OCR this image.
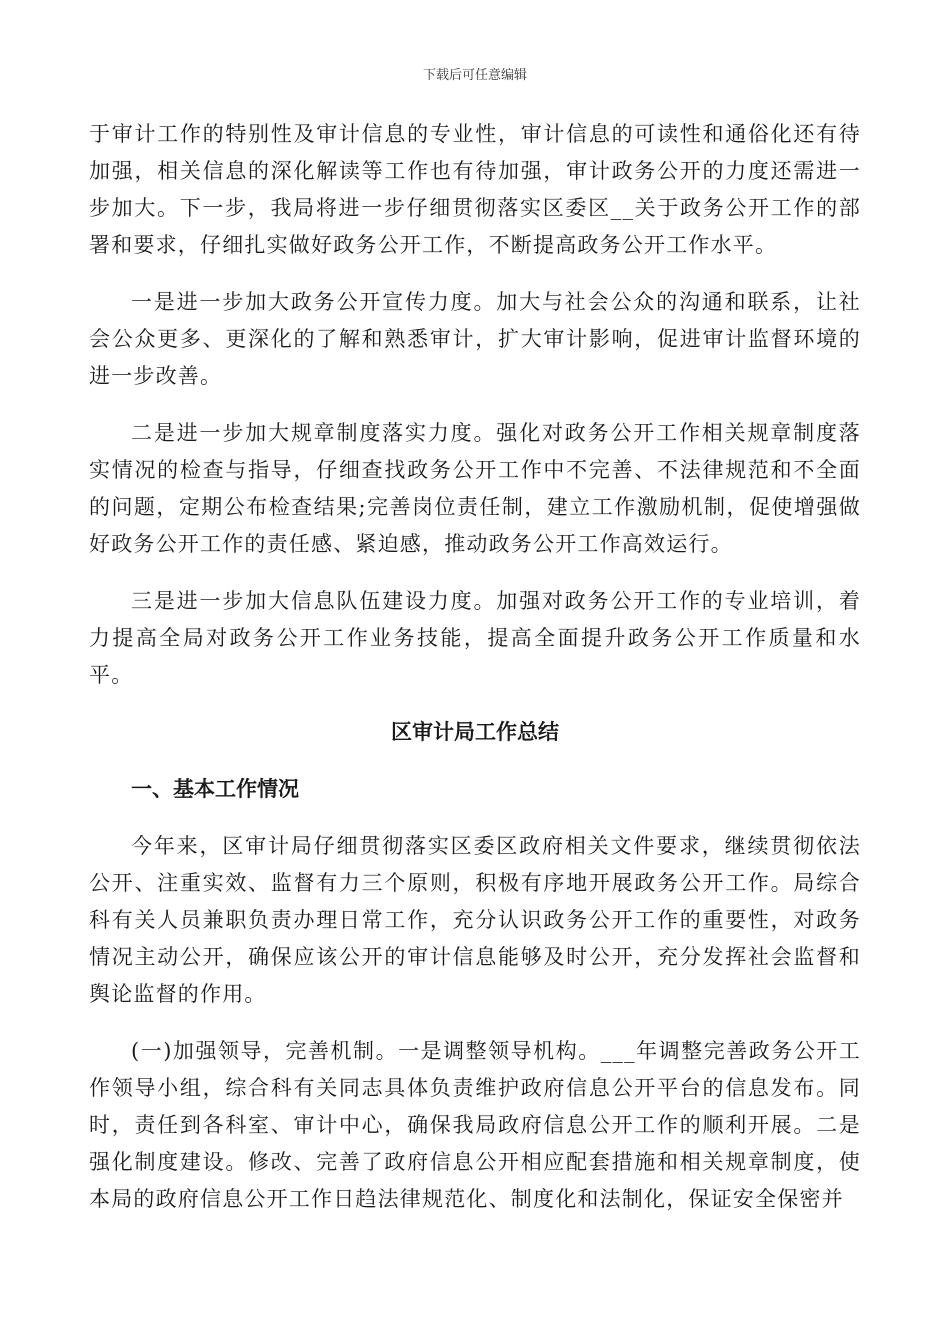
下载后可任意编辑

于审计工作的特别性及审计信息的专业性，审计信息的可读性和通俗化还有待加强，相关信息的深化解读等工作也有待加强，审计政务公开的力度还需进一步加大。下一步，我局将进一步仔细贯彻落实区委区__关于政务公开工作的部署和要求，仔细扎实做好政务公开工作，不断提高政务公开工作水平。

一是进一步加大政务公开宣传力度。加大与社会公众的沟通和联系，让社会公众更多、更深化的了解和熟悉审计，扩大审计影响，促进审计监督环境的进一步改善。

二是进一步加大规章制度落实力度。强化对政务公开工作相关规章制度落实情况的检查与指导，仔细查找政务公开工作中不完善、不法律规范和不全面的问题，定期公布检查结果;完善岗位责任制，建立工作激励机制，促使增强做好政务公开工作的责任感、紧迫感，推动政务公开工作高效运行。

三是进一步加大信息队伍建设力度。加强对政务公开工作的专业培训，着力提高全局对政务公开工作业务技能，提高全面提升政务公开工作质量和水平。

区审计局工作总结
一、基本工作情况

今年来，区审计局仔细贯彻落实区委区政府相关文件要求，继续贯彻依法公开、注重实效、监督有力三个原则，积极有序地开展政务公开工作。局综合科有关人员兼职负责办理日常工作，充分认识政务公开工作的重要性，对政务情况主动公开，确保应该公开的审计信息能够及时公开，充分发挥社会监督和舆论监督的作用。

(一)加强领导，完善机制。一是调整领导机构。___年调整完善政务公开工作领导小组，综合科有关同志具体负责维护政府信息公开平台的信息发布。同时，责任到各科室、审计中心，确保我局政府信息公开工作的顺利开展。二是强化制度建设。修改、完善了政府信息公开相应配套措施和相关规章制度，使本局的政府信息公开工作日趋法律规范化、制度化和法制化，保证安全保密并
